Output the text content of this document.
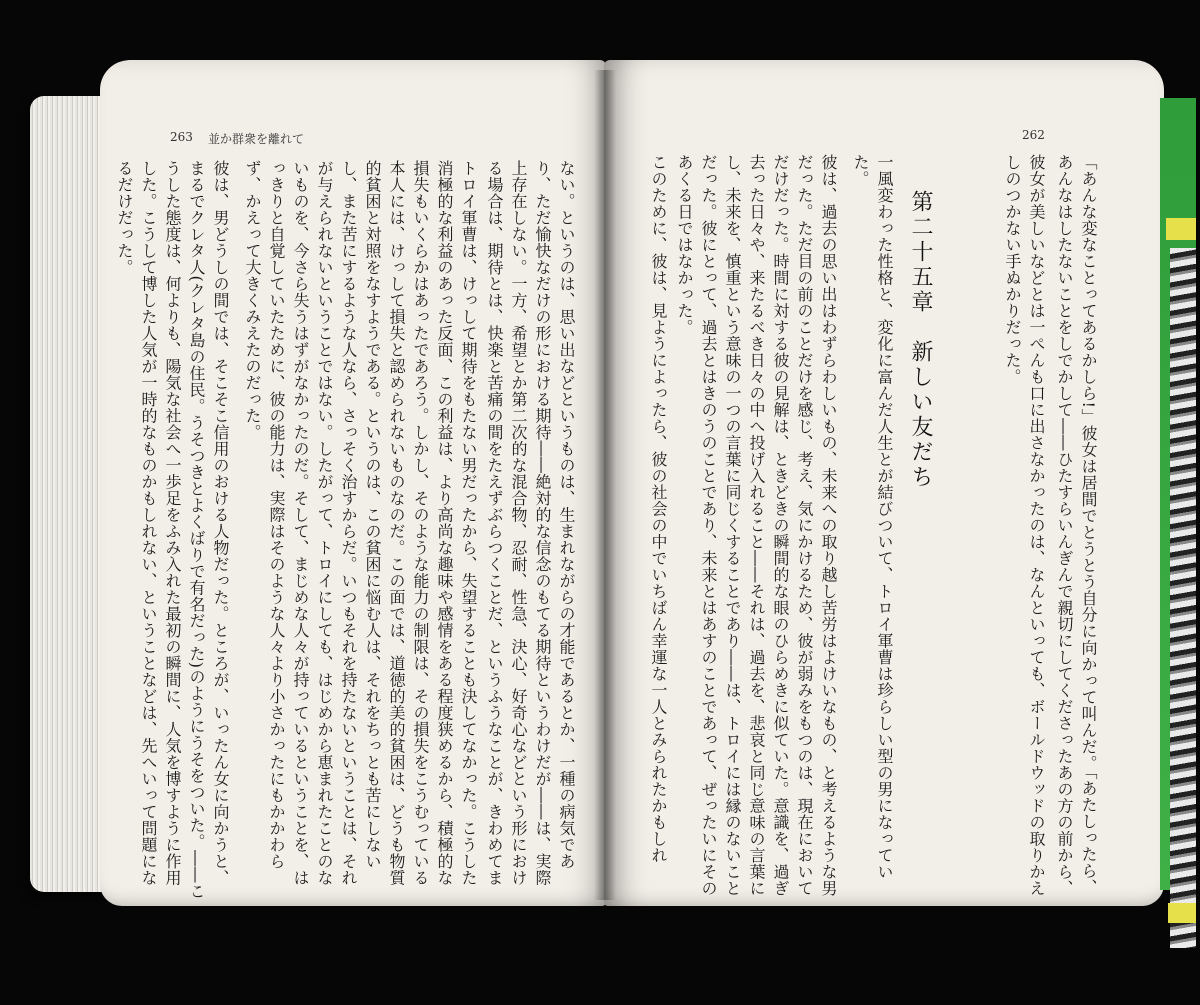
263 並か群衆を離れて
ない。というのは、思い出などというものは、生まれながらの才能であるとか、一種の病気であり、ただ愉快なだけの形における期待――絶対的な信念のもてる期待というわけだが――は、実際上存在しない。一方、希望とか第二次的な混合物、忍耐、性急、決心、好奇心などという形における場合は、期待とは、快楽と苦痛の間をたえずぶらつくことだ、というふうなことが、きわめてま
トロイ軍曹は、けっして期待をもたない男だったから、失望することも決してなかった。こうした消極的な利益のあった反面、この利益は、より高尚な趣味や感情をある程度狭めるから、積極的な損失もいくらかはあったであろう。しかし、そのような能力の制限は、その損失をこうむっている本人には、けっして損失と認められないものなのだ。この面では、道徳的美的貧困は、どうも物質的貧困と対照をなすようである。というのは、この貧困に悩む人は、それをちっとも苦にしないし、また苦にするような人なら、さっそく治すからだ。いつもそれを持たないということは、それが与えられないということではない。したがって、トロイにしても、はじめから恵まれたことのないものを、今さら失うはずがなかったのだ。そして、まじめな人々が持っているということを、はっきりと自覚していたために、彼の能力は、実際はそのような人々より小さかったにもかかわらず、かえって大きくみえたのだった。
彼は、男どうしの間では、そこそこ信用のおける人物だった。ところが、いったん女に向かうと、まるでクレタ人(クレタ島の住民。うそつきとよくばりで有名だった)のようにうそをついた。――こうした態度は、何よりも、陽気な社会へ一歩足をふみ入れた最初の瞬間に、人気を博すように作用した。こうして博した人気が一時的なものかもしれない、ということなどは、先へいって問題になるだけだった。
262
「あんな変なことってあるかしら!」彼女は居間でとうとう自分に向かって叫んだ。「あたしったら、あんなはしたないことをしでかして――ひたすらいんぎんで親切にしてくださったあの方の前から、
彼女が美しいなどとは一ぺんも口に出さなかったのは、なんといっても、ボールドウッドの取りかえしのつかない手ぬかりだった。
第二十五章　新しい友だち
一風変わった性格と、変化に富んだ人生とが結びついて、トロイ軍曹は珍らしい型の男になっていた。
彼は、過去の思い出はわずらわしいもの、未来への取り越し苦労はよけいなもの、と考えるような男だった。ただ目の前のことだけを感じ、考え、気にかけるため、彼が弱みをもつのは、現在においてだけだった。時間に対する彼の見解は、ときどきの瞬間的な眼のひらめきに似ていた。意識を、過ぎ去った日々や、来たるべき日々の中へ投げ入れること――それは、過去を、悲哀と同じ意味の言葉にし、未来を、慎重という意味の一つの言葉に同じくすることであり――は、トロイには縁のないことだった。彼にとって、過去とはきのうのことであり、未来とはあすのことであって、ぜったいにそのあくる日ではなかった。
このために、彼は、見ようによったら、彼の社会の中でいちばん幸運な一人とみられたかもしれ
